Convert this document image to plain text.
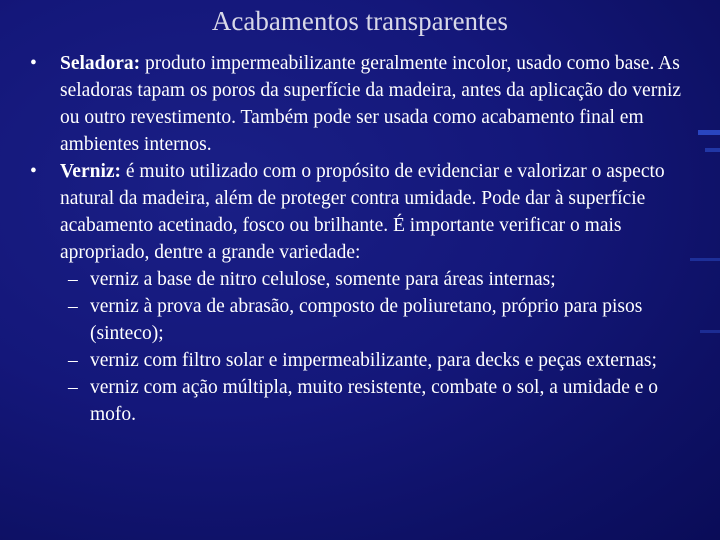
Acabamentos transparentes
• Seladora: produto impermeabilizante geralmente incolor, usado como base. As seladoras tapam os poros da superfície da madeira, antes da aplicação do verniz ou outro revestimento. Também pode ser usada como acabamento final em ambientes internos.
• Verniz: é muito utilizado com o propósito de evidenciar e valorizar o aspecto natural da madeira, além de proteger contra umidade. Pode dar à superfície acabamento acetinado, fosco ou brilhante. É importante verificar o mais apropriado, dentre a grande variedade:
– verniz a base de nitro celulose, somente para áreas internas;
– verniz à prova de abrasão, composto de poliuretano, próprio para pisos (sinteco);
– verniz com filtro solar e impermeabilizante, para decks e peças externas;
– verniz com ação múltipla, muito resistente, combate o sol, a umidade e o mofo.
